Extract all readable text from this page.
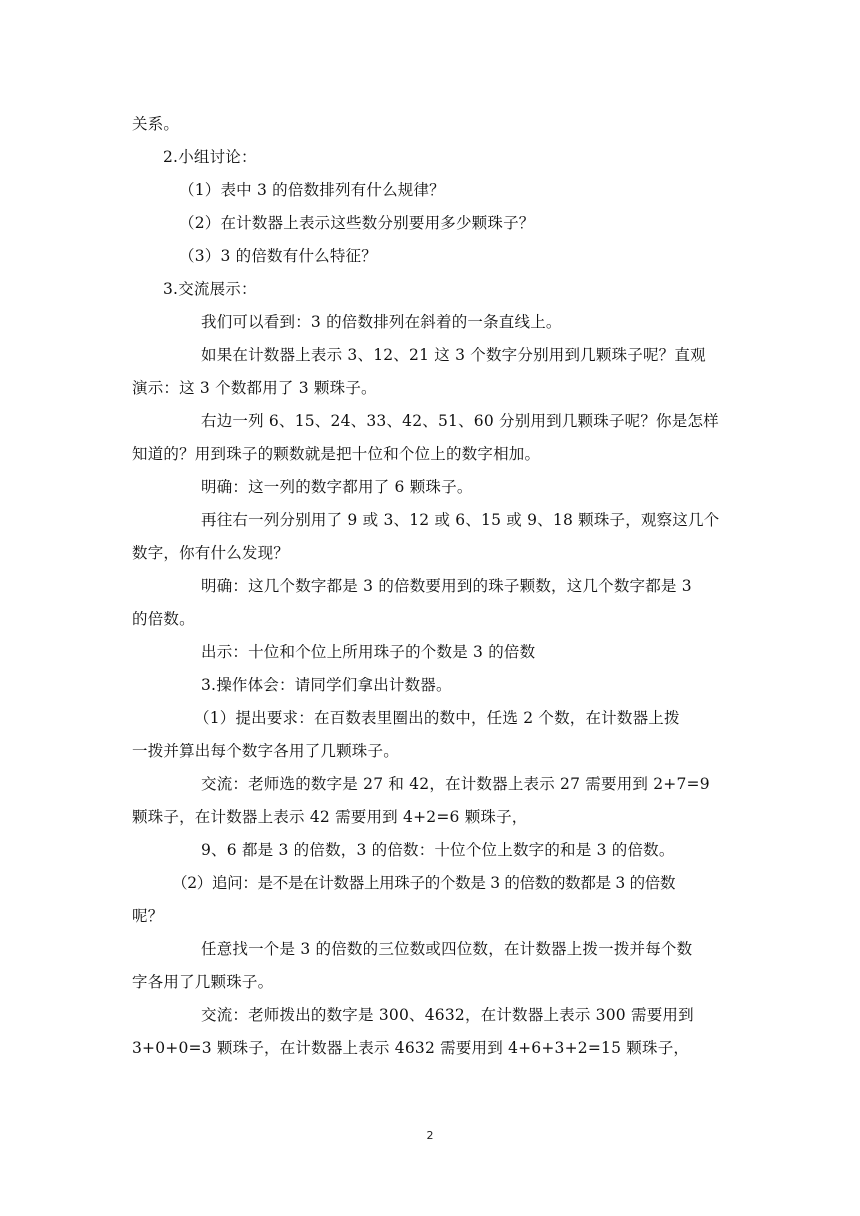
关系。
2.小组讨论：
（1）表中 3 的倍数排列有什么规律？
（2）在计数器上表示这些数分别要用多少颗珠子？
（3）3 的倍数有什么特征？
3.交流展示：
我们可以看到：3 的倍数排列在斜着的一条直线上。
如果在计数器上表示 3、12、21 这 3 个数字分别用到几颗珠子呢？直观
演示：这 3 个数都用了 3 颗珠子。
右边一列 6、15、24、33、42、51、60 分别用到几颗珠子呢？你是怎样
知道的？用到珠子的颗数就是把十位和个位上的数字相加。
明确：这一列的数字都用了 6 颗珠子。
再往右一列分别用了 9 或 3、12 或 6、15 或 9、18 颗珠子，观察这几个
数字，你有什么发现？
明确：这几个数字都是 3 的倍数要用到的珠子颗数，这几个数字都是 3
的倍数。
出示：十位和个位上所用珠子的个数是 3 的倍数
3.操作体会：请同学们拿出计数器。
（1）提出要求：在百数表里圈出的数中，任选 2 个数，在计数器上拨
一拨并算出每个数字各用了几颗珠子。
交流：老师选的数字是 27 和 42，在计数器上表示 27 需要用到 2+7=9
颗珠子，在计数器上表示 42 需要用到 4+2=6 颗珠子，
9、6 都是 3 的倍数，3 的倍数：十位个位上数字的和是 3 的倍数。
（2）追问：是不是在计数器上用珠子的个数是 3 的倍数的数都是 3 的倍数
呢？
任意找一个是 3 的倍数的三位数或四位数，在计数器上拨一拨并每个数
字各用了几颗珠子。
交流：老师拨出的数字是 300、4632，在计数器上表示 300 需要用到
3+0+0=3 颗珠子，在计数器上表示 4632 需要用到 4+6+3+2=15 颗珠子，
2
